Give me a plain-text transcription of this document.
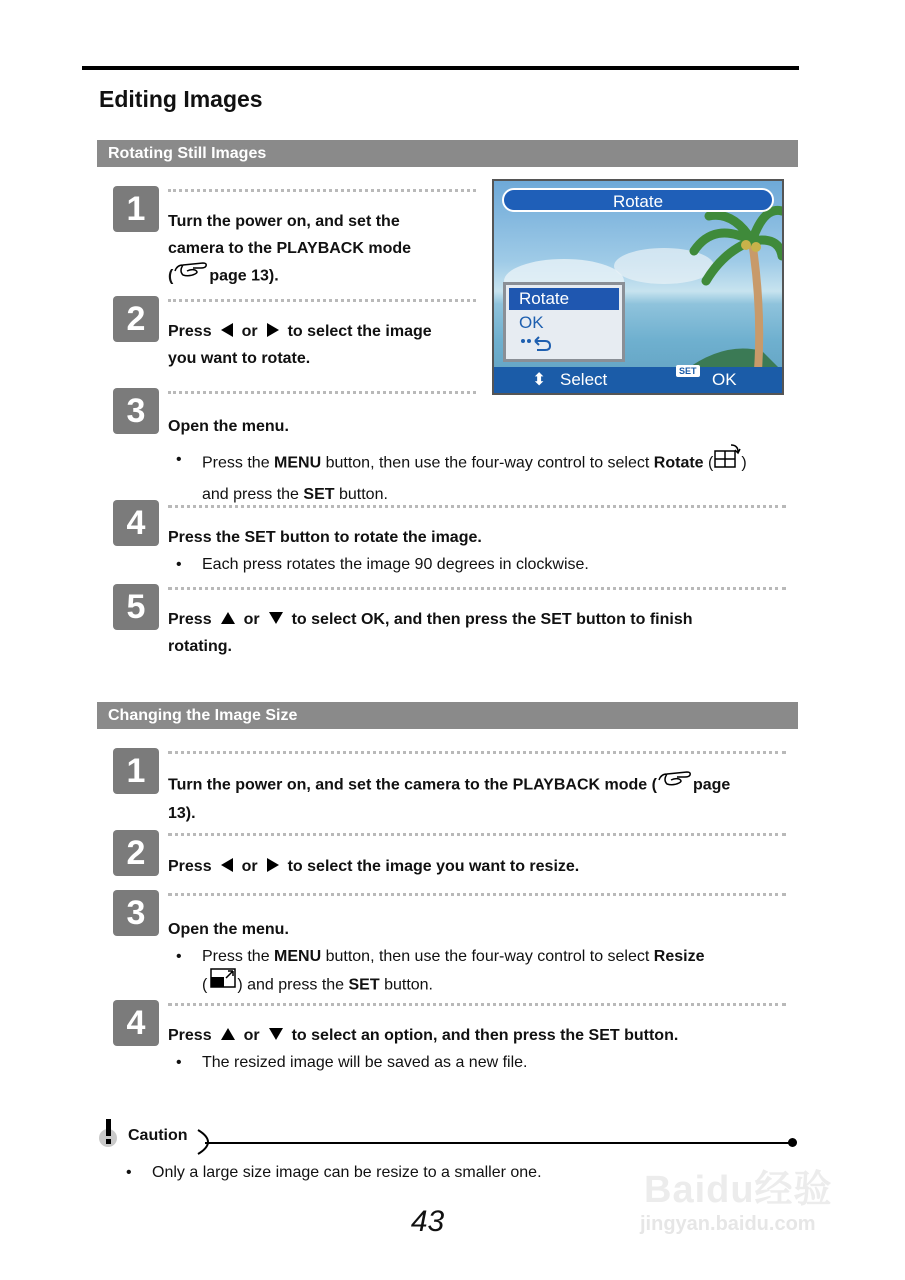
Editing Images
Rotating Still Images
1	Turn the power on, and set the
camera to the PLAYBACK mode
( page 13).
2	Press or to select the image
you want to rotate.
Rotate
Rotate
OK
⬍ Select	SET OK
3	Open the menu.
• Press the MENU button, then use the four-way control to select Rotate ( )
and press the SET button.
4	Press the SET button to rotate the image.
• Each press rotates the image 90 degrees in clockwise.
5	Press or to select OK, and then press the SET button to finish
rotating.
Changing the Image Size
1	Turn the power on, and set the camera to the PLAYBACK mode ( page
13).
2	Press or to select the image you want to resize.
3	Open the menu.
• Press the MENU button, then use the four-way control to select Resize
( ) and press the SET button.
4	Press or to select an option, and then press the SET button.
• The resized image will be saved as a new file.
Caution
• Only a large size image can be resize to a smaller one.	Baidu经验
jingyan.baidu.com
43
